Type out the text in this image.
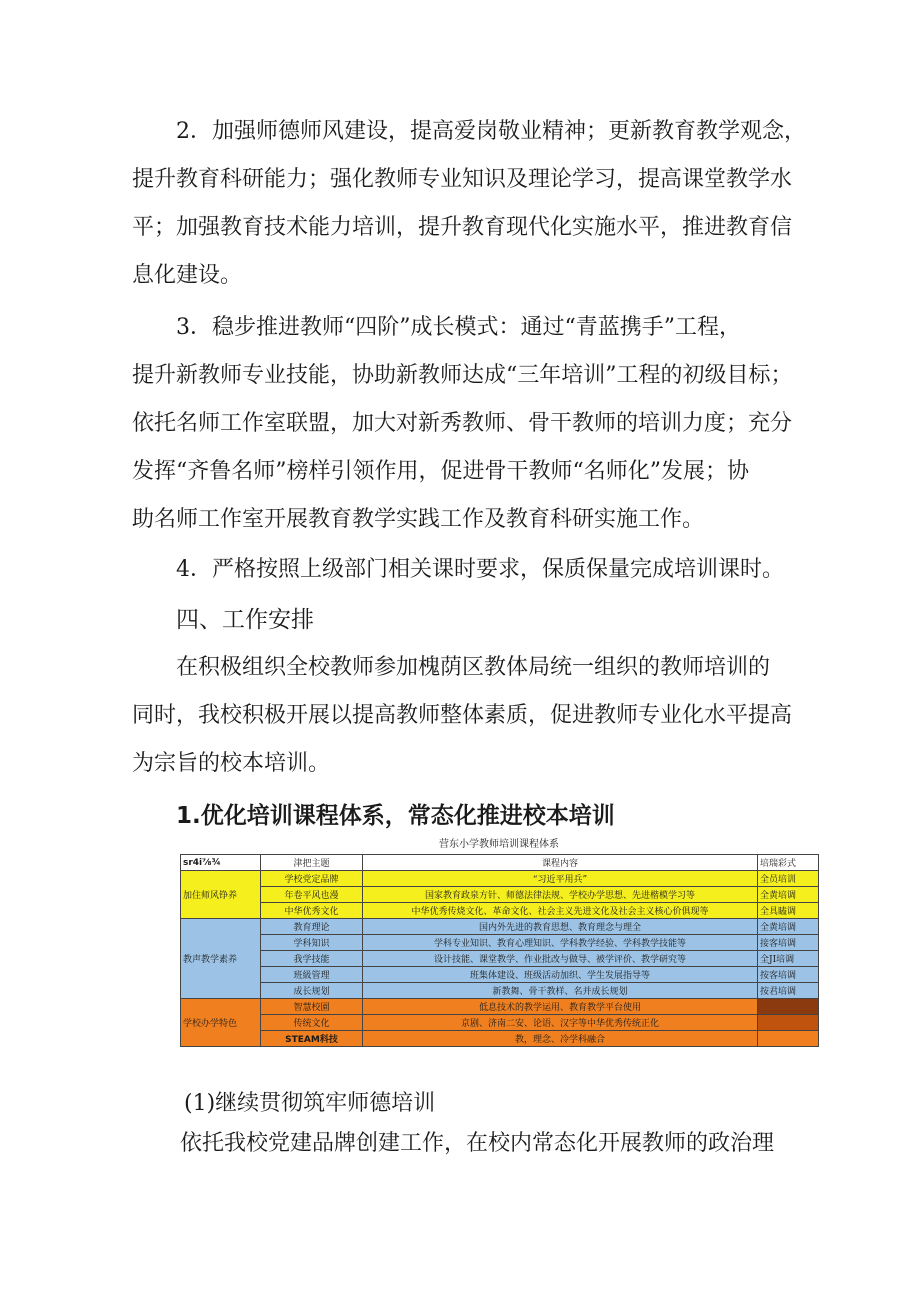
2．加强师德师风建设，提高爱岗敬业精神；更新教育教学观念，
提升教育科研能力；强化教师专业知识及理论学习，提高课堂教学水
平；加强教育技术能力培训，提升教育现代化实施水平，推进教育信
息化建设。
3．稳步推进教师“四阶”成长模式：通过“青蓝携手”工程，
提升新教师专业技能，协助新教师达成“三年培训”工程的初级目标；
依托名师工作室联盟，加大对新秀教师、骨干教师的培训力度；充分
发挥“齐鲁名师”榜样引领作用，促进骨干教师“名师化”发展；协
助名师工作室开展教育教学实践工作及教育科研实施工作。
4．严格按照上级部门相关课时要求，保质保量完成培训课时。
四、工作安排
在积极组织全校教师参加槐荫区教体局统一组织的教师培训的
同时，我校积极开展以提高教师整体素质，促进教师专业化水平提高
为宗旨的校本培训。
1.优化培训课程体系，常态化推进校本培训
营东小学教师培训课程体系
sr4i⅞¾	津把主题	课程内容	培瑞彩式
加住师风铮养	学校党定品牌	“习近平用兵”	全员培训
	年卷平风也漫	国家教育政泉方针、师德法律法规、学校办学思想、先进楷模学习等	全黄培调
	中华优秀文化	中华优秀传烧文化、革命文化、社会主义先进文化及社会主义核心价俱现等	全具瞌调
教声教学素养	教育理论	国内外先进的教育思想、教育理念与理全	全黄培调
	学科知识	学科专业知识、教育心理知识、学科教学经验、学科教学技能等	接客培调
	我学技能	设计技能、课堂教学、作业批改与做导、被学评价、教学研究等	全JI培调
	班級管理	班集体建设、班级活动加织、学生发展指导等	按客培调
	成长规划	新教舞、骨干教样、名并成长规划	按君培调
学校办学特色	智慧校園	低息技术的教学运用、教育教学平台使用	
	传统文化	京剧、济南二安、论语、汉字等中华优秀传统正化	
	STEAM科技	教，理念、冷学科融合	
(1)继续贯彻筑牢师德培训
依托我校党建品牌创建工作，在校内常态化开展教师的政治理
